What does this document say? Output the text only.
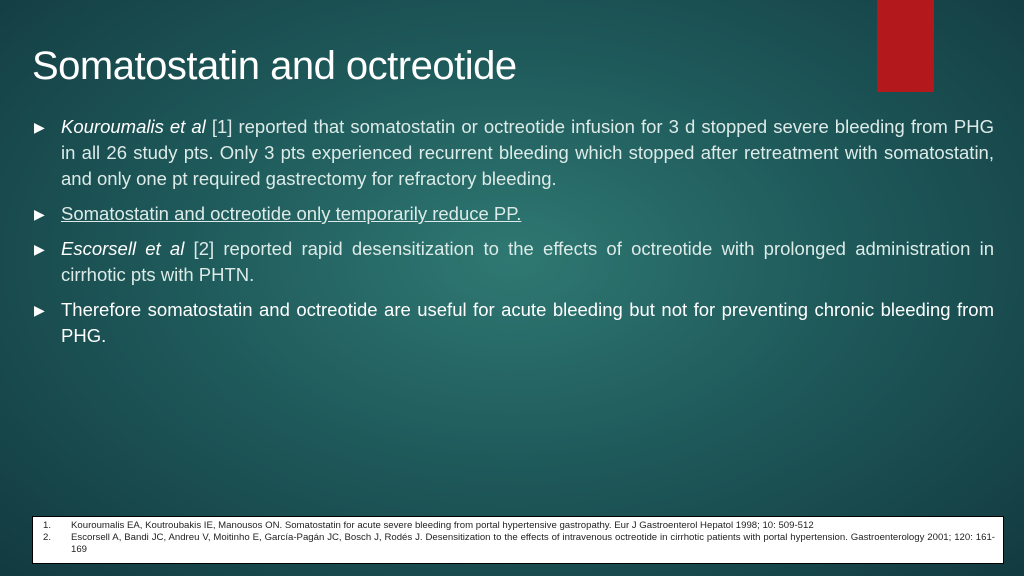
Somatostatin and octreotide
▶ Kouroumalis et al [1] reported that somatostatin or octreotide infusion for 3 d stopped severe bleeding from PHG in all 26 study pts. Only 3 pts experienced recurrent bleeding which stopped after retreatment with somatostatin, and only one pt required gastrectomy for refractory bleeding.
▶ Somatostatin and octreotide only temporarily reduce PP.
▶ Escorsell et al [2] reported rapid desensitization to the effects of octreotide with prolonged administration in cirrhotic pts with PHTN.
▶ Therefore somatostatin and octreotide are useful for acute bleeding but not for preventing chronic bleeding from PHG.
1.	Kouroumalis EA, Koutroubakis IE, Manousos ON. Somatostatin for acute severe bleeding from portal hypertensive gastropathy. Eur J Gastroenterol Hepatol 1998; 10: 509-512
2.	Escorsell A, Bandi JC, Andreu V, Moitinho E, García-Pagán JC, Bosch J, Rodés J. Desensitization to the effects of intravenous octreotide in cirrhotic patients with portal hypertension. Gastroenterology 2001; 120: 161-169
